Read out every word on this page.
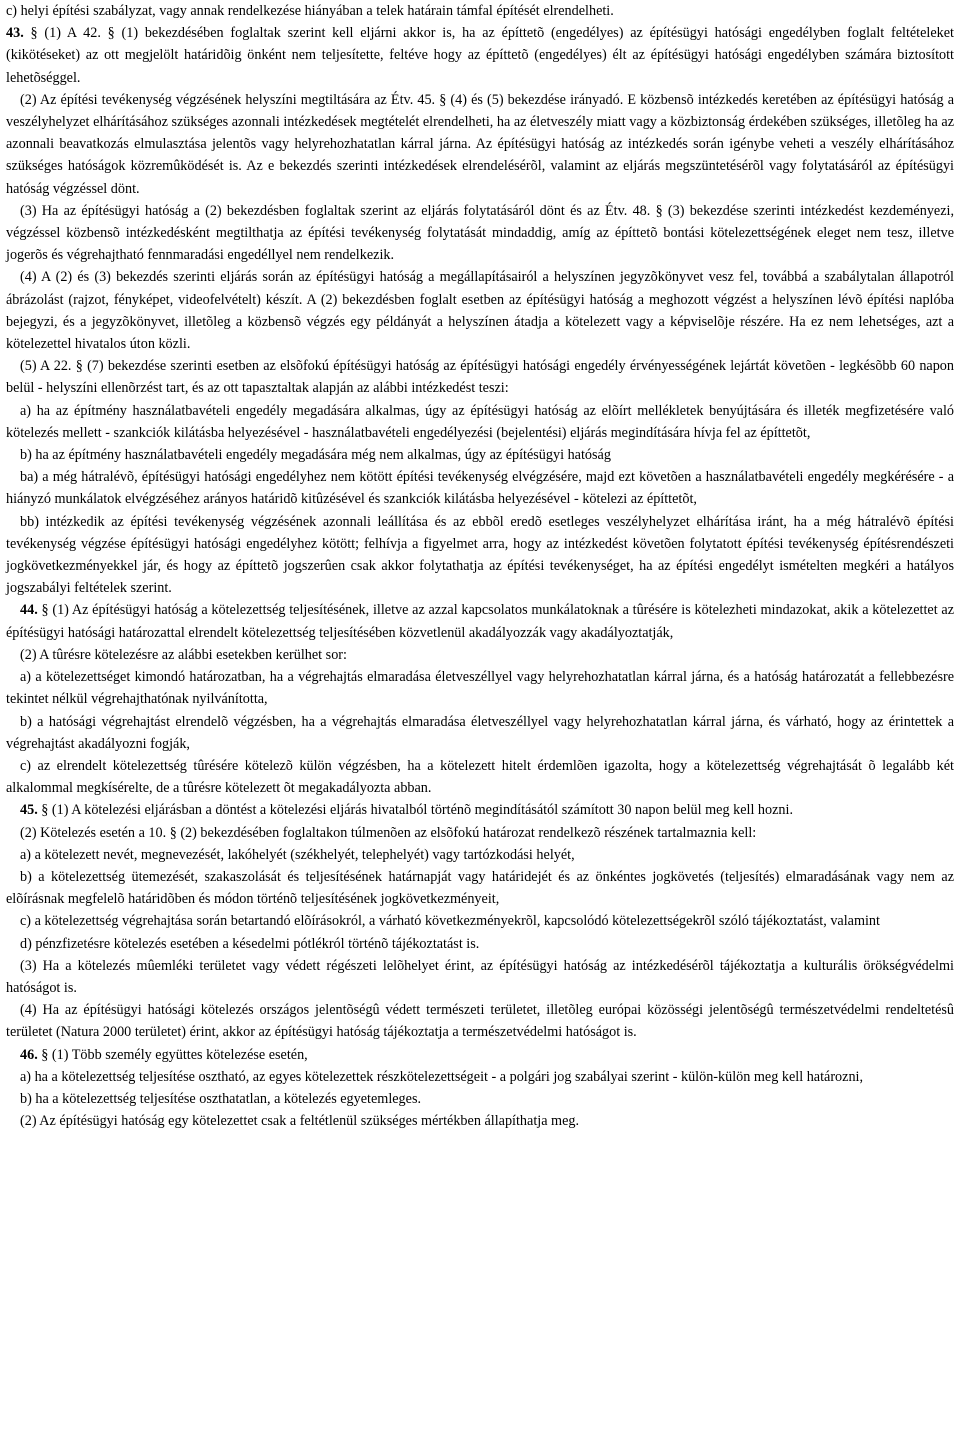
c) helyi építési szabályzat, vagy annak rendelkezése hiányában a telek határain támfal építését elrendelheti.
43. § (1) A 42. § (1) bekezdésében foglaltak szerint kell eljárni akkor is, ha az építtetõ (engedélyes) az építésügyi hatósági engedélyben foglalt feltételeket (kikötéseket) az ott megjelölt határidõig önként nem teljesítette, feltéve hogy az építtetõ (engedélyes) élt az építésügyi hatósági engedélyben számára biztosított lehetõséggel.
(2) Az építési tevékenység végzésének helyszíni megtiltására az Étv. 45. § (4) és (5) bekezdése irányadó. E közbensõ intézkedés keretében az építésügyi hatóság a veszélyhelyzet elhárításához szükséges azonnali intézkedések megtételét elrendelheti, ha az életveszély miatt vagy a közbiztonság érdekében szükséges, illetõleg ha az azonnali beavatkozás elmulasztása jelentõs vagy helyrehozhatatlan kárral járna. Az építésügyi hatóság az intézkedés során igénybe veheti a veszély elhárításához szükséges hatóságok közremûködését is. Az e bekezdés szerinti intézkedések elrendelésérõl, valamint az eljárás megszüntetésérõl vagy folytatásáról az építésügyi hatóság végzéssel dönt.
(3) Ha az építésügyi hatóság a (2) bekezdésben foglaltak szerint az eljárás folytatásáról dönt és az Étv. 48. § (3) bekezdése szerinti intézkedést kezdeményezi, végzéssel közbensõ intézkedésként megtilthatja az építési tevékenység folytatását mindaddig, amíg az építtetõ bontási kötelezettségének eleget nem tesz, illetve jogerõs és végrehajtható fennmaradási engedéllyel nem rendelkezik.
(4) A (2) és (3) bekezdés szerinti eljárás során az építésügyi hatóság a megállapításairól a helyszínen jegyzõkönyvet vesz fel, továbbá a szabálytalan állapotról ábrázolást (rajzot, fényképet, videofelvételt) készít. A (2) bekezdésben foglalt esetben az építésügyi hatóság a meghozott végzést a helyszínen lévõ építési naplóba bejegyzi, és a jegyzõkönyvet, illetõleg a közbensõ végzés egy példányát a helyszínen átadja a kötelezett vagy a képviselõje részére. Ha ez nem lehetséges, azt a kötelezettel hivatalos úton közli.
(5) A 22. § (7) bekezdése szerinti esetben az elsõfokú építésügyi hatóság az építésügyi hatósági engedély érvényességének lejártát követõen - legkésõbb 60 napon belül - helyszíni ellenõrzést tart, és az ott tapasztaltak alapján az alábbi intézkedést teszi:
a) ha az építmény használatbavételi engedély megadására alkalmas, úgy az építésügyi hatóság az elõírt mellékletek benyújtására és illeték megfizetésére való kötelezés mellett - szankciók kilátásba helyezésével - használatbavételi engedélyezési (bejelentési) eljárás megindítására hívja fel az építtetõt,
b) ha az építmény használatbavételi engedély megadására még nem alkalmas, úgy az építésügyi hatóság
ba) a még hátralévõ, építésügyi hatósági engedélyhez nem kötött építési tevékenység elvégzésére, majd ezt követõen a használatbavételi engedély megkérésére - a hiányzó munkálatok elvégzéséhez arányos határidõ kitûzésével és szankciók kilátásba helyezésével - kötelezi az építtetõt,
bb) intézkedik az építési tevékenység végzésének azonnali leállítása és az ebbõl eredõ esetleges veszélyhelyzet elhárítása iránt, ha a még hátralévõ építési tevékenység végzése építésügyi hatósági engedélyhez kötött; felhívja a figyelmet arra, hogy az intézkedést követõen folytatott építési tevékenység építésrendészeti jogkövetkezményekkel jár, és hogy az építtetõ jogszerûen csak akkor folytathatja az építési tevékenységet, ha az építési engedélyt ismételten megkéri a hatályos jogszabályi feltételek szerint.
44. § (1) Az építésügyi hatóság a kötelezettség teljesítésének, illetve az azzal kapcsolatos munkálatoknak a tûrésére is kötelezheti mindazokat, akik a kötelezettet az építésügyi hatósági határozattal elrendelt kötelezettség teljesítésében közvetlenül akadályozzák vagy akadályoztatják,
(2) A tûrésre kötelezésre az alábbi esetekben kerülhet sor:
a) a kötelezettséget kimondó határozatban, ha a végrehajtás elmaradása életveszéllyel vagy helyrehozhatatlan kárral járna, és a hatóság határozatát a fellebbezésre tekintet nélkül végrehajthatónak nyilvánította,
b) a hatósági végrehajtást elrendelõ végzésben, ha a végrehajtás elmaradása életveszéllyel vagy helyrehozhatatlan kárral járna, és várható, hogy az érintettek a végrehajtást akadályozni fogják,
c) az elrendelt kötelezettség tûrésére kötelezõ külön végzésben, ha a kötelezett hitelt érdemlõen igazolta, hogy a kötelezettség végrehajtását õ legalább két alkalommal megkísérelte, de a tûrésre kötelezett õt megakadályozta abban.
45. § (1) A kötelezési eljárásban a döntést a kötelezési eljárás hivatalból történõ megindításától számított 30 napon belül meg kell hozni.
(2) Kötelezés esetén a 10. § (2) bekezdésében foglaltakon túlmenõen az elsõfokú határozat rendelkezõ részének tartalmaznia kell:
a) a kötelezett nevét, megnevezését, lakóhelyét (székhelyét, telephelyét) vagy tartózkodási helyét,
b) a kötelezettség ütemezését, szakaszolását és teljesítésének határnapját vagy határidejét és az önkéntes jogkövetés (teljesítés) elmaradásának vagy nem az elõírásnak megfelelõ határidõben és módon történõ teljesítésének jogkövetkezményeit,
c) a kötelezettség végrehajtása során betartandó elõírásokról, a várható következményekrõl, kapcsolódó kötelezettségekrõl szóló tájékoztatást, valamint
d) pénzfizetésre kötelezés esetében a késedelmi pótlékról történõ tájékoztatást is.
(3) Ha a kötelezés mûemléki területet vagy védett régészeti lelõhelyet érint, az építésügyi hatóság az intézkedésérõl tájékoztatja a kulturális örökségvédelmi hatóságot is.
(4) Ha az építésügyi hatósági kötelezés országos jelentõségû védett természeti területet, illetõleg európai közösségi jelentõségû természetvédelmi rendeltetésû területet (Natura 2000 területet) érint, akkor az építésügyi hatóság tájékoztatja a természetvédelmi hatóságot is.
46. § (1) Több személy együttes kötelezése esetén,
a) ha a kötelezettség teljesítése osztható, az egyes kötelezettek részkötelezettségeit - a polgári jog szabályai szerint - külön-külön meg kell határozni,
b) ha a kötelezettség teljesítése oszthatatlan, a kötelezés egyetemleges.
(2) Az építésügyi hatóság egy kötelezettet csak a feltétlenül szükséges mértékben állapíthatja meg.
